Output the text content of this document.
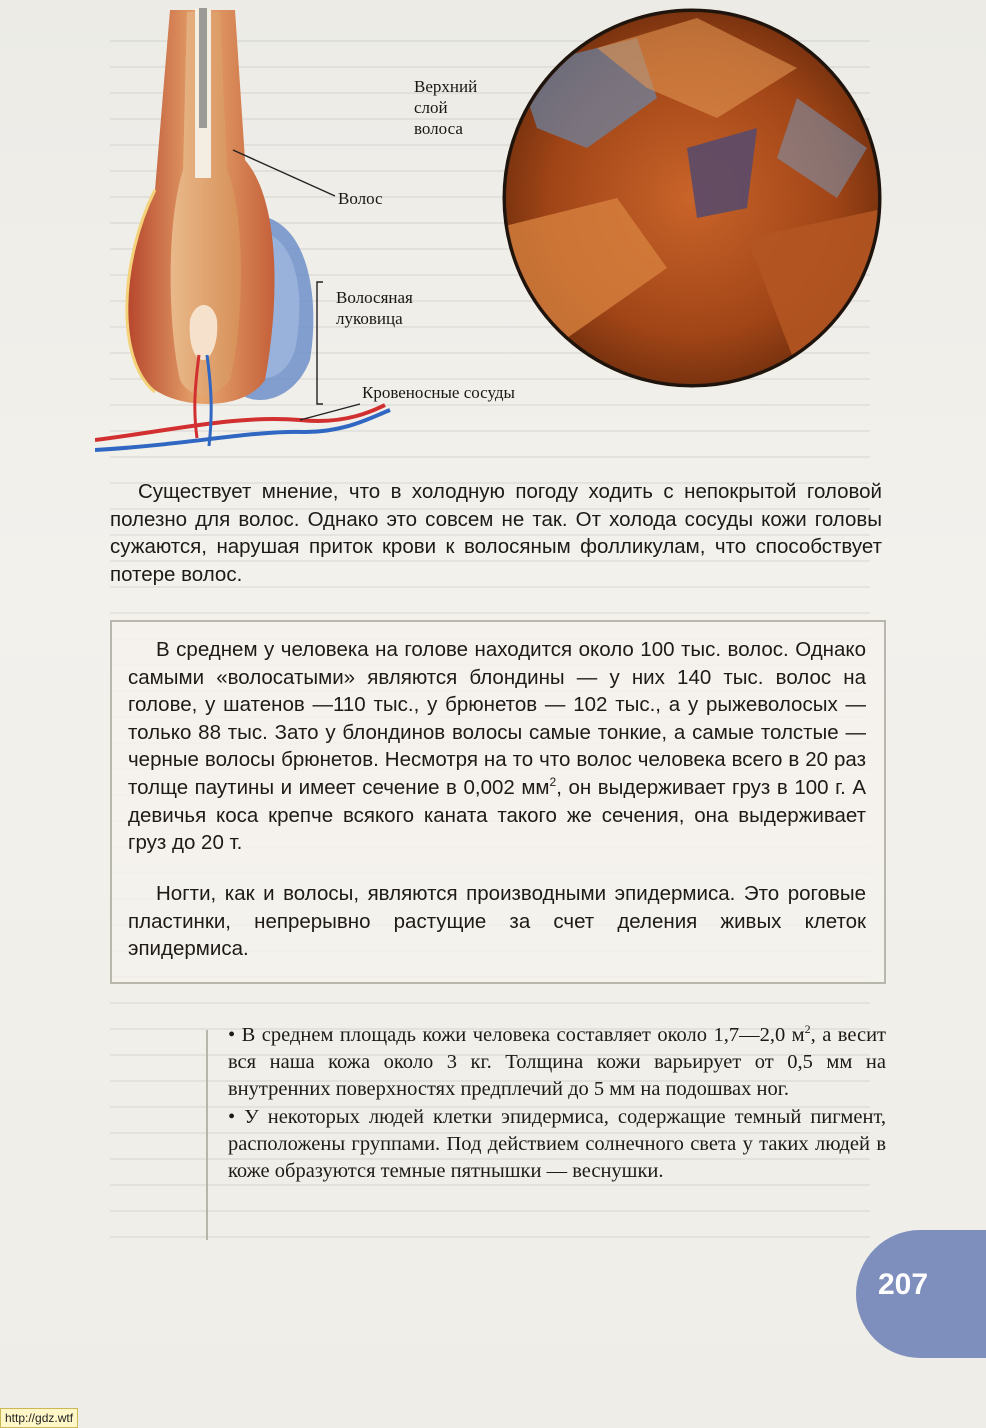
Верхний
слой
волоса
Волос
Волосяная
луковица
Кровеносные сосуды

Существует мнение, что в холодную погоду ходить с непокрытой головой полезно для волос. Однако это совсем не так. От холода сосуды кожи головы сужаются, нарушая приток крови к волосяным фолликулам, что способствует потере волос.

В среднем у человека на голове находится около 100 тыс. волос. Однако самыми «волосатыми» являются блондины — у них 140 тыс. волос на голове, у шатенов —110 тыс., у брюнетов — 102 тыс., а у рыжеволосых — только 88 тыс. Зато у блондинов волосы самые тонкие, а самые толстые — черные волосы брюнетов. Несмотря на то что волос человека всего в 20 раз толще паутины и имеет сечение в 0,002 $мм^2$, он выдерживает груз в 100 г. А девичья коса крепче всякого каната такого же сечения, она выдерживает груз до 20 т.

Ногти, как и волосы, являются производными эпидермиса. Это роговые пластинки, непрерывно растущие за счет деления живых клеток эпидермиса.

• В среднем площадь кожи человека составляет около 1,7—2,0 $м^2$, а весит вся наша кожа около 3 кг. Толщина кожи варьирует от 0,5 мм на внутренних поверхностях предплечий до 5 мм на подошвах ног.

• У некоторых людей клетки эпидермиса, содержащие темный пигмент, расположены группами. Под действием солнечного света у таких людей в коже образуются темные пятнышки — веснушки.

207
http://gdz.wtf
